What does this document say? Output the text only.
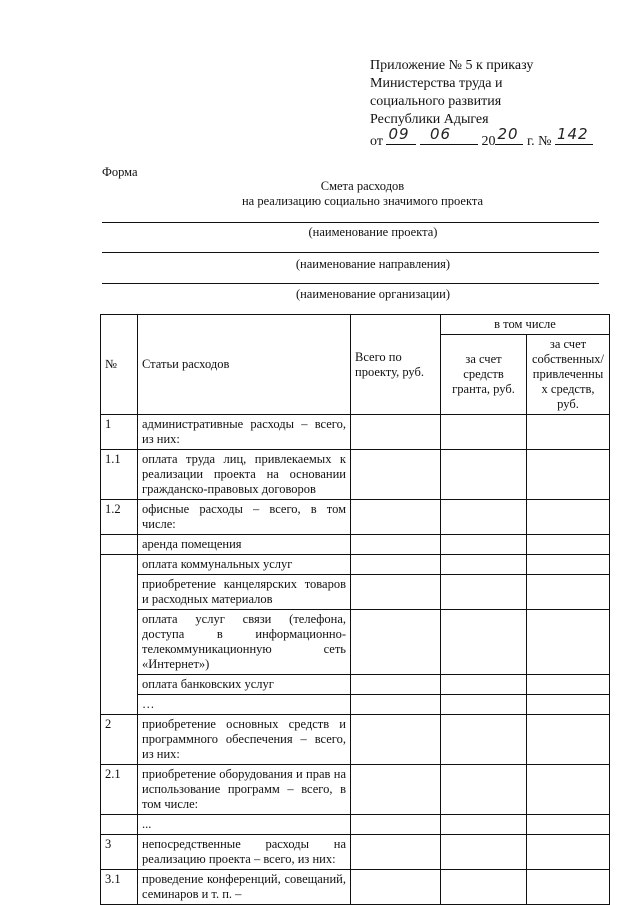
Приложение № 5 к приказу
Министерства труда и
социального развития
Республики Адыгея
от 09
06 20 20 г. № 142
Форма
Смета расходов
на реализацию социально значимого проекта
(наименование проекта)
(наименование направления)
(наименование организации)
№	Статьи расходов	Всего по проекту, руб.	в том числе	
			за счет средств гранта, руб.	за счет собственных/ привлеченны х средств, руб.
1	административные расходы – всего, из них:			
1.1	оплата труда лиц, привлекаемых к реализации проекта на основании гражданско-правовых договоров			
1.2	офисные расходы – всего, в том числе:			
	аренда помещения			
	оплата коммунальных услуг			
	приобретение канцелярских товаров и расходных материалов			
	оплата услуг связи (телефона, доступа в информационно-телекоммуникационную сеть «Интернет»)			
	оплата банковских услуг			
	…			
2	приобретение основных средств и программного обеспечения – всего, из них:			
2.1	приобретение оборудования и прав на использование программ – всего, в том числе:			
	...			
3	непосредственные расходы на реализацию проекта – всего, из них:			
3.1	проведение конференций, совещаний, семинаров и т. п. –			
